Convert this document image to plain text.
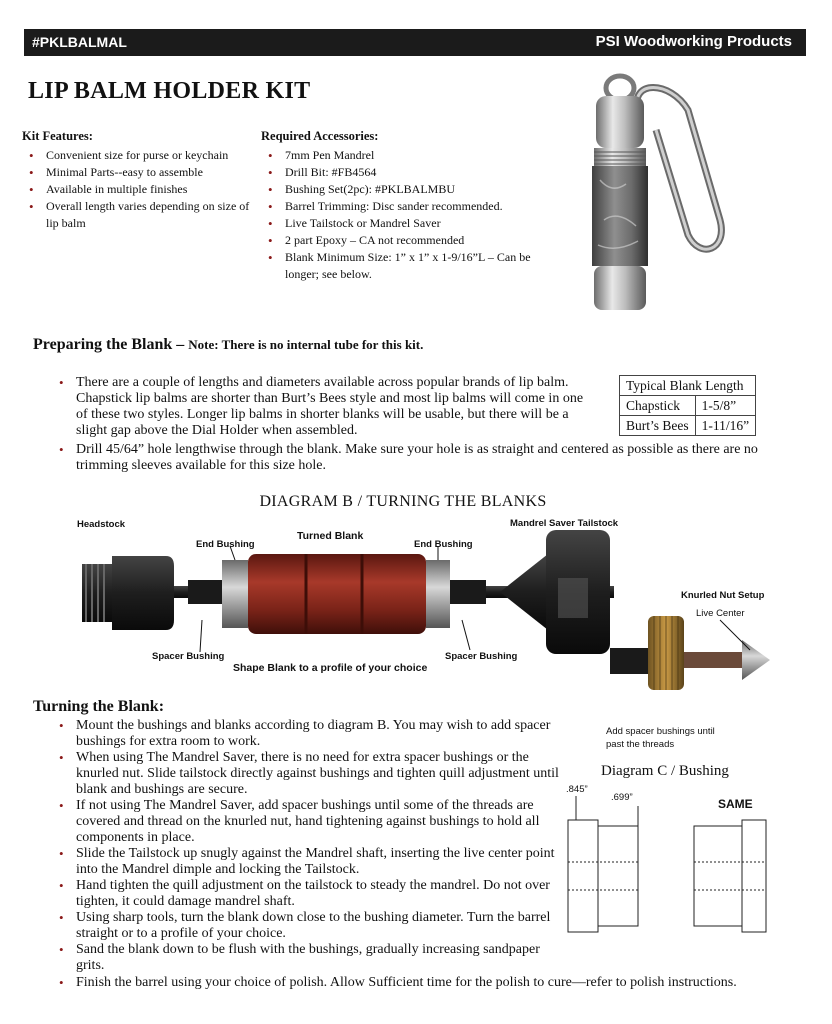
#PKLBALMAL	PSI Woodworking Products
LIP BALM HOLDER KIT
Kit Features:
• Convenient size for purse or keychain
• Minimal Parts--easy to assemble
• Available in multiple finishes
• Overall length varies depending on size of lip balm
Required Accessories:
• 7mm Pen Mandrel
• Drill Bit: #FB4564
• Bushing Set(2pc): #PKLBALMBU
• Barrel Trimming: Disc sander recommended.
• Live Tailstock or Mandrel Saver
• 2 part Epoxy – CA not recommended
• Blank Minimum Size: 1” x 1” x 1-9/16”L – Can be longer; see below.
Preparing the Blank – Note: There is no internal tube for this kit.
• There are a couple of lengths and diameters available across popular brands of lip balm. Chapstick lip balms are shorter than Burt’s Bees style and most lip balms will come in one of these two styles. Longer lip balms in shorter blanks will be usable, but there will be a slight gap above the Dial Holder when assembled.
• Drill 45/64” hole lengthwise through the blank. Make sure your hole is as straight and centered as possible as there are no trimming sleeves available for this size hole.
Typical Blank Length	
Chapstick	1-5/8”
Burt’s Bees	1-11/16”
DIAGRAM B / TURNING THE BLANKS
Headstock
End Bushing
Turned Blank
End Bushing
Mandrel Saver Tailstock
Spacer Bushing
Shape Blank to a profile of your choice
Spacer Bushing
Knurled Nut Setup
Live Center
Add spacer bushings until past the threads
Turning the Blank:
• Mount the bushings and blanks according to diagram B. You may wish to add spacer bushings for extra room to work.
• When using The Mandrel Saver, there is no need for extra spacer bushings or the knurled nut. Slide tailstock directly against bushings and tighten quill adjustment until blank and bushings are secure.
• If not using The Mandrel Saver, add spacer bushings until some of the threads are covered and thread on the knurled nut, hand tightening against bushings to hold all components in place.
• Slide the Tailstock up snugly against the Mandrel shaft, inserting the live center point into the Mandrel dimple and locking the Tailstock.
• Hand tighten the quill adjustment on the tailstock to steady the mandrel. Do not over tighten, it could damage mandrel shaft.
• Using sharp tools, turn the blank down close to the bushing diameter. Turn the barrel straight or to a profile of your choice.
• Sand the blank down to be flush with the bushings, gradually increasing sandpaper grits.
• Finish the barrel using your choice of polish. Allow Sufficient time for the polish to cure—refer to polish instructions.
Diagram C / Bushing
.845”
.699”	SAME
